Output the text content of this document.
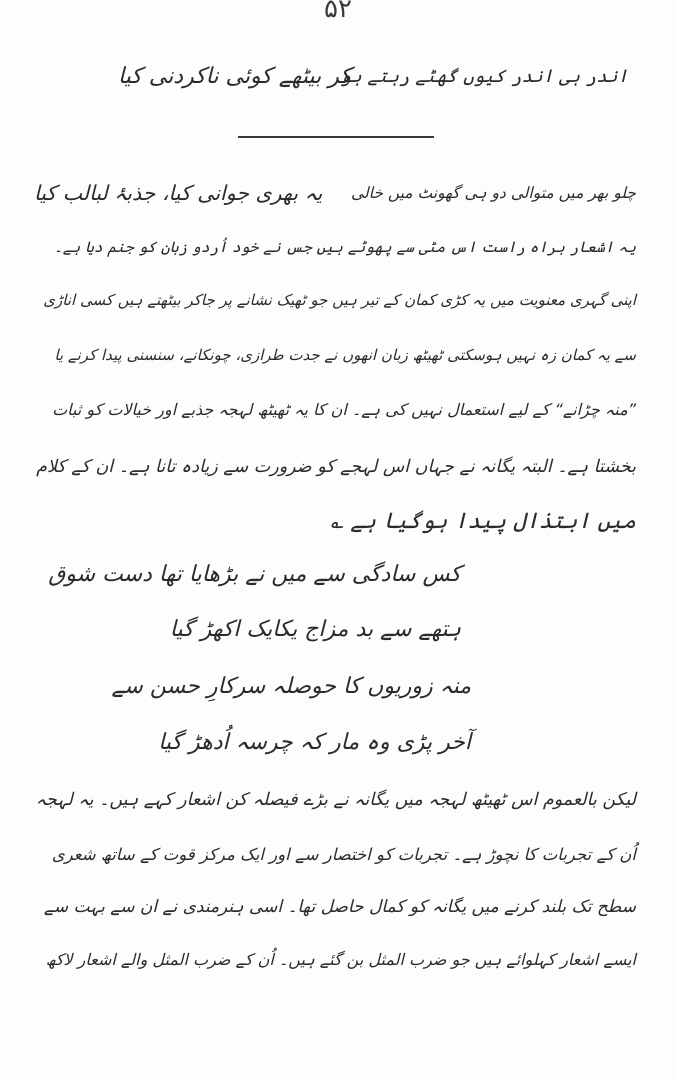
۵۲
اندر ہی اندر کیوں گھٹے رہتے ہو
کر بیٹھے کوئی ناکردنی کیا
چلو بھر میں متوالی دو ہی گھونٹ میں خالی
یہ بھری جوانی کیا، جذبۂ لبالب کیا
یہ اشعار براہ راست اس مٹی سے پھوٹے ہیں جس نے خود اُردو زبان کو جنم دیا ہے۔
اپنی گہری معنویت میں یہ کڑی کمان کے تیر ہیں جو ٹھیک نشانے پر جاکر بیٹھتے ہیں کسی اناڑی
سے یہ کمان زہ نہیں ہوسکتی ٹھیٹھ زبان انھوں نے جدت طرازی، چونکانے، سنسنی پیدا کرنے یا
”منہ چڑانے“ کے لیے استعمال نہیں کی ہے۔ ان کا یہ ٹھیٹھ لہجہ جذبے اور خیالات کو ثبات
بخشتا ہے۔ البتہ یگانہ نے جہاں اس لہجے کو ضرورت سے زیادہ تانا ہے۔ ان کے کلام
میں ابتذال پیدا ہوگیا ہے ؎
کس سادگی سے میں نے بڑھایا تھا دست شوق
ہتھے سے بد مزاج یکایک اکھڑ گیا
منہ زوریوں کا حوصلہ سرکارِ حسن سے
آخر پڑی وہ مار کہ چرسہ اُدھڑ گیا
لیکن بالعموم اس ٹھیٹھ لہجہ میں یگانہ نے بڑے فیصلہ کن اشعار کہے ہیں۔ یہ لہجہ
اُن کے تجربات کا نچوڑ ہے۔ تجربات کو اختصار سے اور ایک مرکز قوت کے ساتھ شعری
سطح تک بلند کرنے میں یگانہ کو کمال حاصل تھا۔ اسی ہنرمندی نے ان سے بہت سے
ایسے اشعار کہلوائے ہیں جو ضرب المثل بن گئے ہیں۔ اُن کے ضرب المثل والے اشعار لاکھ
